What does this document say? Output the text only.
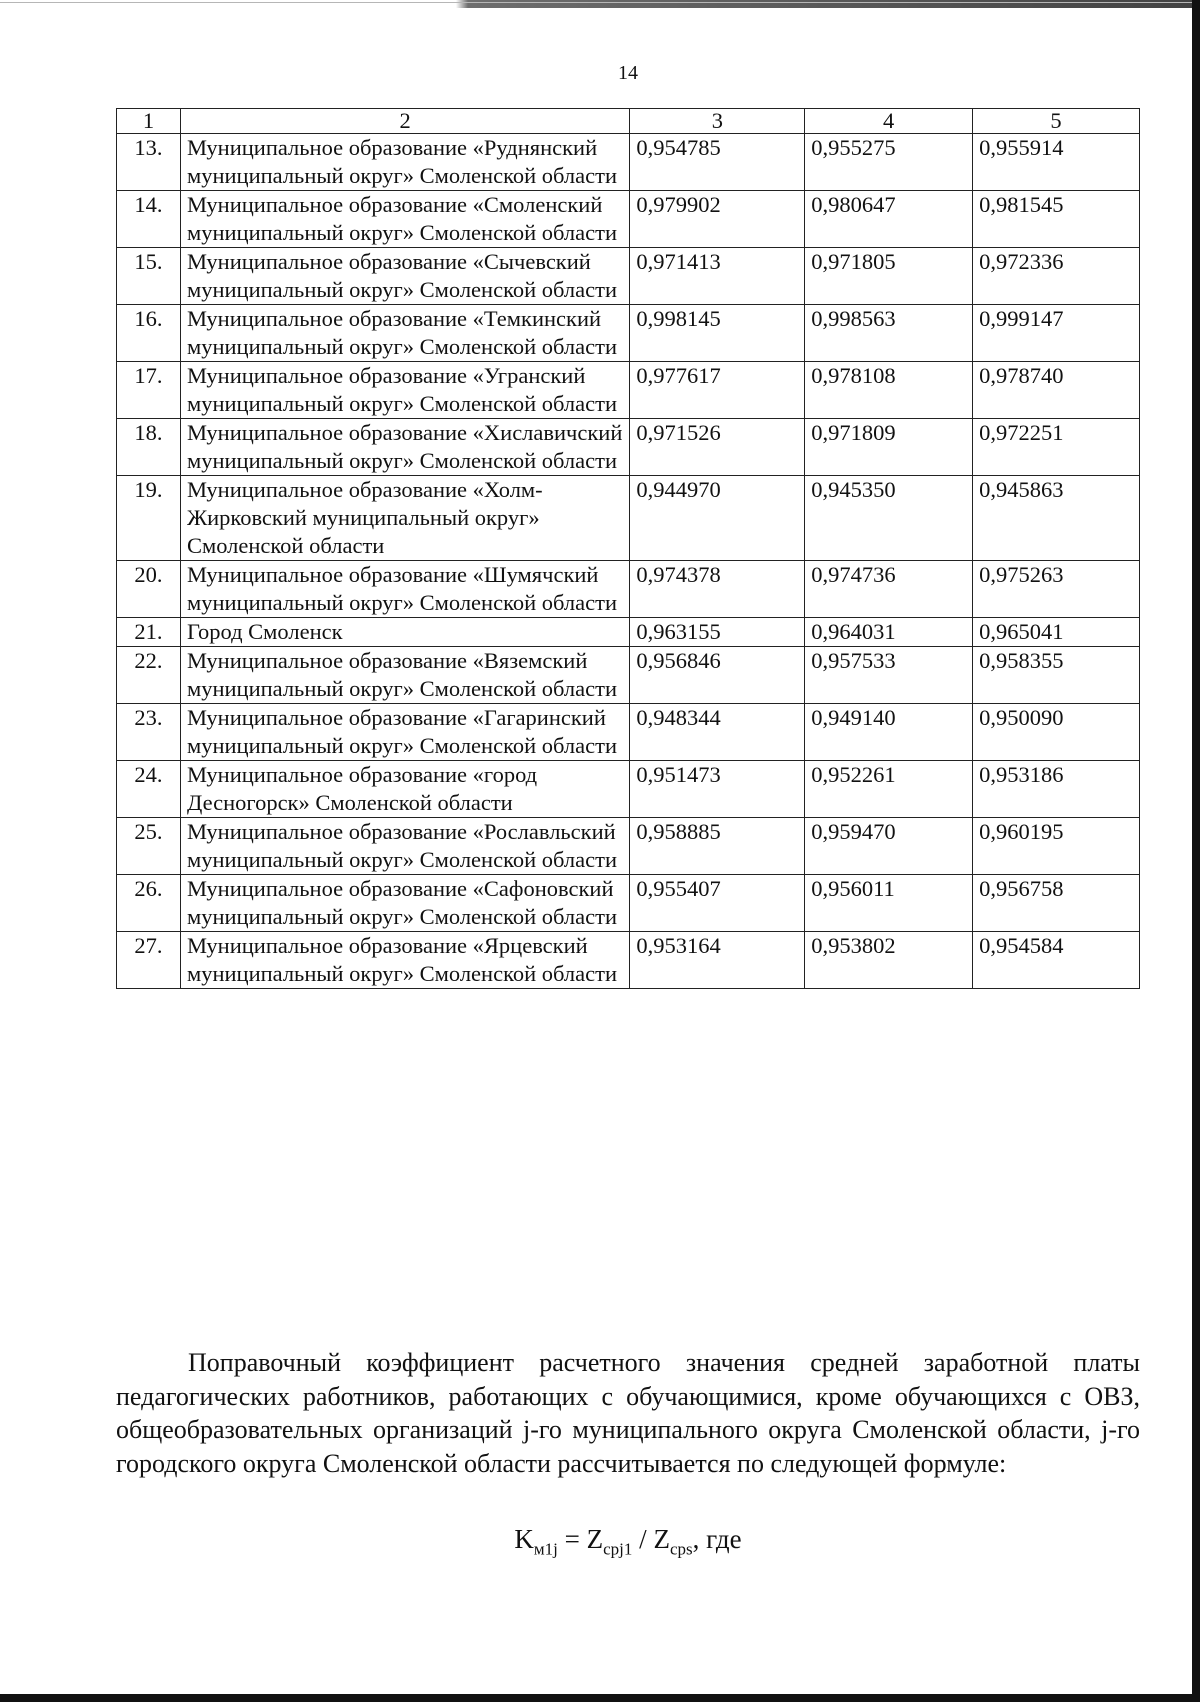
14
1	2	3	4	5
13.	Муниципальное образование «Руднянский муниципальный округ» Смоленской области	0,954785	0,955275	0,955914
14.	Муниципальное образование «Смоленский муниципальный округ» Смоленской области	0,979902	0,980647	0,981545
15.	Муниципальное образование «Сычевский муниципальный округ» Смоленской области	0,971413	0,971805	0,972336
16.	Муниципальное образование «Темкинский муниципальный округ» Смоленской области	0,998145	0,998563	0,999147
17.	Муниципальное образование «Угранский муниципальный округ» Смоленской области	0,977617	0,978108	0,978740
18.	Муниципальное образование «Хиславичский муниципальный округ» Смоленской области	0,971526	0,971809	0,972251
19.	Муниципальное образование «Холм-Жирковский муниципальный округ» Смоленской области	0,944970	0,945350	0,945863
20.	Муниципальное образование «Шумячский муниципальный округ» Смоленской области	0,974378	0,974736	0,975263
21.	Город Смоленск	0,963155	0,964031	0,965041
22.	Муниципальное образование «Вяземский муниципальный округ» Смоленской области	0,956846	0,957533	0,958355
23.	Муниципальное образование «Гагаринский муниципальный округ» Смоленской области	0,948344	0,949140	0,950090
24.	Муниципальное образование «город Десногорск» Смоленской области	0,951473	0,952261	0,953186
25.	Муниципальное образование «Рославльский муниципальный округ» Смоленской области	0,958885	0,959470	0,960195
26.	Муниципальное образование «Сафоновский муниципальный округ» Смоленской области	0,955407	0,956011	0,956758
27.	Муниципальное образование «Ярцевский муниципальный округ» Смоленской области	0,953164	0,953802	0,954584

Поправочный коэффициент расчетного значения средней заработной платы педагогических работников, работающих с обучающимися, кроме обучающихся с ОВЗ, общеобразовательных организаций j-го муниципального округа Смоленской области, j-го городского округа Смоленской области рассчитывается по следующей формуле:

$K_{м1j} = Z_{срj1} / Z_{срs}$, где
